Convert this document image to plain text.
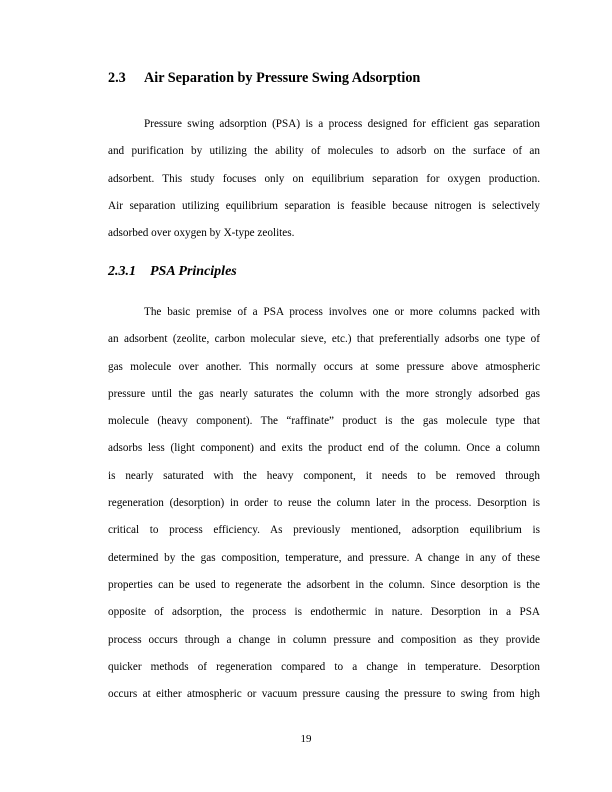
2.3 Air Separation by Pressure Swing Adsorption
Pressure swing adsorption (PSA) is a process designed for efficient gas separation
and purification by utilizing the ability of molecules to adsorb on the surface of an
adsorbent. This study focuses only on equilibrium separation for oxygen production.
Air separation utilizing equilibrium separation is feasible because nitrogen is selectively
adsorbed over oxygen by X-type zeolites.
2.3.1 PSA Principles
The basic premise of a PSA process involves one or more columns packed with
an adsorbent (zeolite, carbon molecular sieve, etc.) that preferentially adsorbs one type of
gas molecule over another. This normally occurs at some pressure above atmospheric
pressure until the gas nearly saturates the column with the more strongly adsorbed gas
molecule (heavy component). The “raffinate” product is the gas molecule type that
adsorbs less (light component) and exits the product end of the column. Once a column
is nearly saturated with the heavy component, it needs to be removed through
regeneration (desorption) in order to reuse the column later in the process. Desorption is
critical to process efficiency. As previously mentioned, adsorption equilibrium is
determined by the gas composition, temperature, and pressure. A change in any of these
properties can be used to regenerate the adsorbent in the column. Since desorption is the
opposite of adsorption, the process is endothermic in nature. Desorption in a PSA
process occurs through a change in column pressure and composition as they provide
quicker methods of regeneration compared to a change in temperature. Desorption
occurs at either atmospheric or vacuum pressure causing the pressure to swing from high
19
